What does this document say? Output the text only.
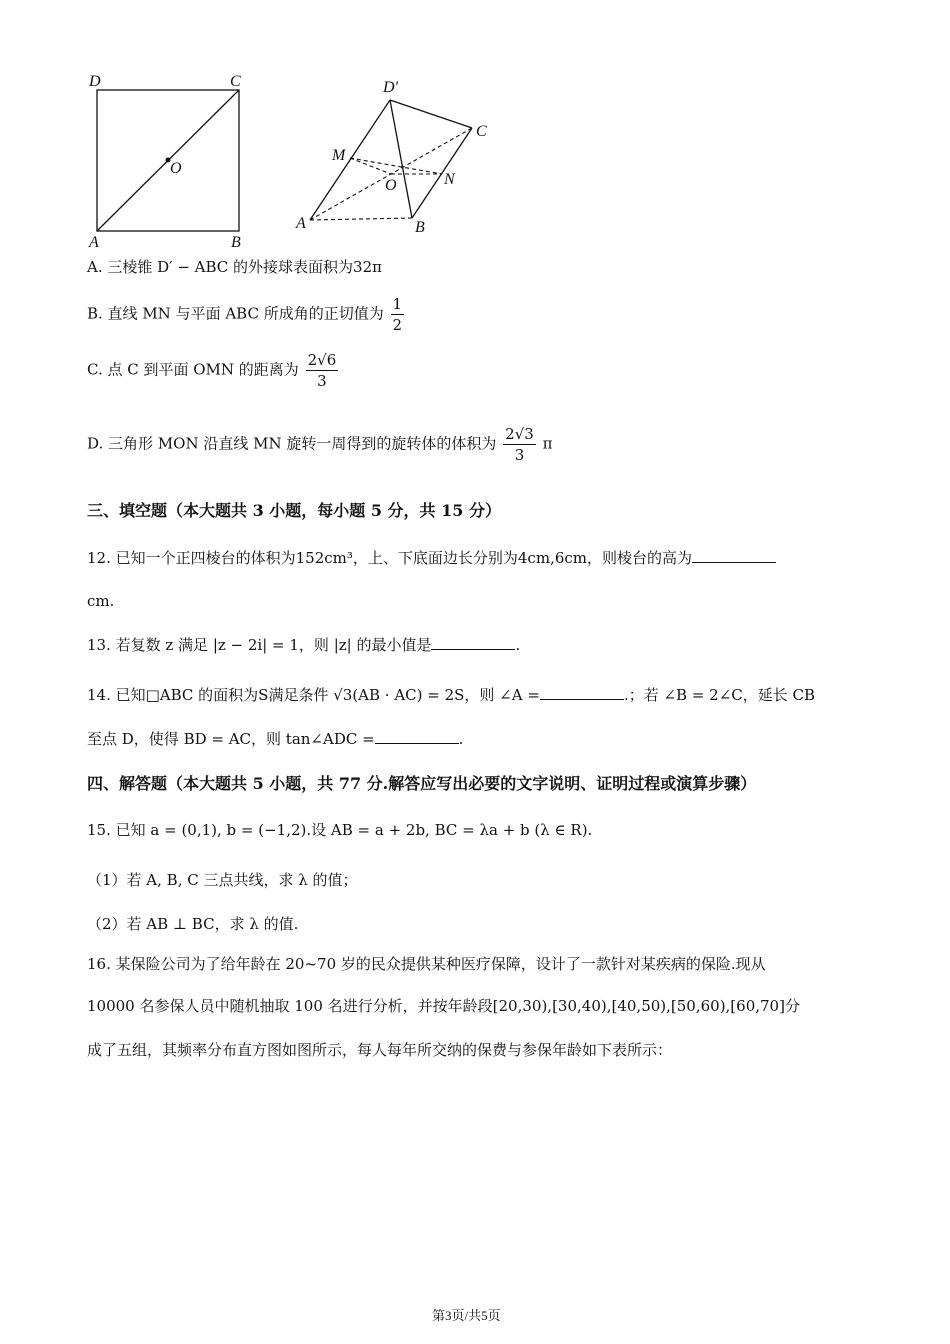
D	C
O
A	B
D′
C
M
O	N
A	B
A. 三棱锥 D′ − ABC 的外接球表面积为32π
B. 直线 MN 与平面 ABC 所成角的正切值为 $\frac{1}{2}$
C. 点 C 到平面 OMN 的距离为 $\frac{2√6}{3}$
D. 三角形 MON 沿直线 MN 旋转一周得到的旋转体的体积为 $\frac{2√3}{3}$ π
三、填空题（本大题共 3 小题，每小题 5 分，共 15 分）
12. 已知一个正四棱台的体积为152cm³，上、下底面边长分别为4cm,6cm，则棱台的高为
cm.
13. 若复数 z 满足 |z − 2i| = 1，则 |z| 的最小值是	.
14. 已知□ABC 的面积为S满足条件 √3(AB · AC) = 2S，则 ∠A =	.；若 ∠B = 2∠C，延长 CB
至点 D，使得 BD = AC，则 tan∠ADC =	.
四、解答题（本大题共 5 小题，共 77 分.解答应写出必要的文字说明、证明过程或演算步骤）
15. 已知 a = (0,1), b = (−1,2).设 AB = a + 2b, BC = λa + b (λ ∈ R).
（1）若 A, B, C 三点共线，求 λ 的值；
（2）若 AB ⊥ BC，求 λ 的值.
16. 某保险公司为了给年龄在 20~70 岁的民众提供某种医疗保障，设计了一款针对某疾病的保险.现从
10000 名参保人员中随机抽取 100 名进行分析，并按年龄段[20,30),[30,40),[40,50),[50,60),[60,70]分
成了五组，其频率分布直方图如图所示，每人每年所交纳的保费与参保年龄如下表所示：
第3页/共5页
